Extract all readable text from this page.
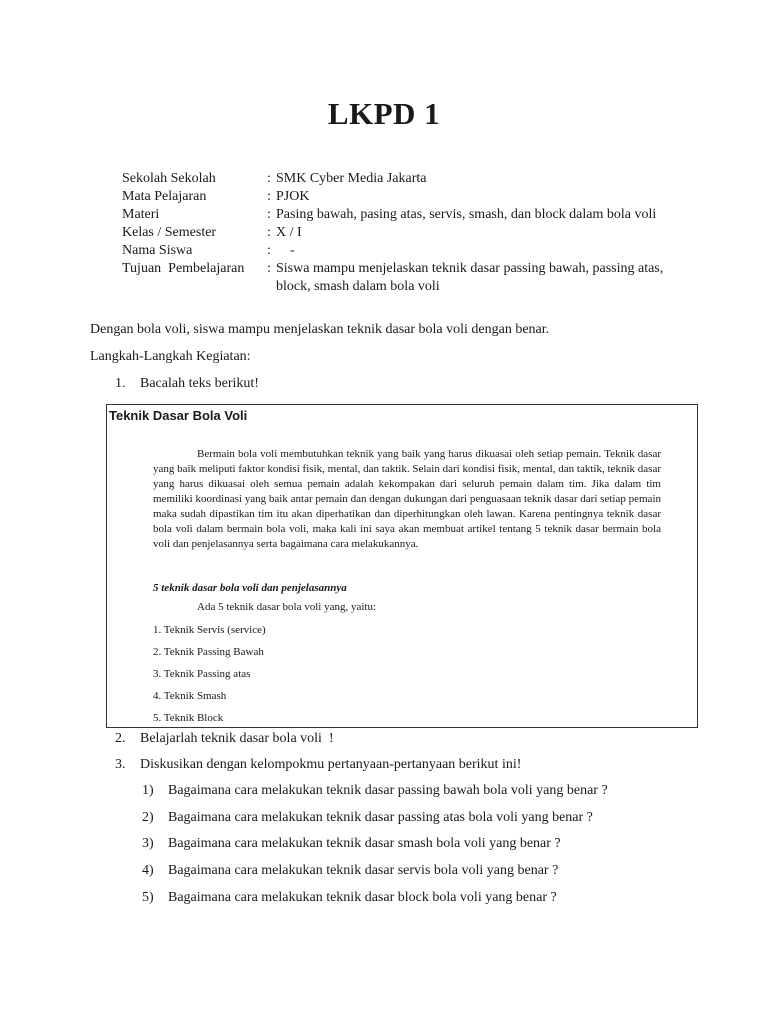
LKPD 1
Sekolah Sekolah	: SMK Cyber Media Jakarta
Mata Pelajaran	: PJOK
Materi	: Pasing bawah, pasing atas, servis, smash, dan block dalam bola voli
Kelas / Semester	: X / I
Nama Siswa	: -
Tujuan  Pembelajaran	: Siswa mampu menjelaskan teknik dasar passing bawah, passing atas, block, smash dalam bola voli
Dengan bola voli, siswa mampu menjelaskan teknik dasar bola voli dengan benar.
Langkah-Langkah Kegiatan:
1. Bacalah teks berikut!
Teknik Dasar Bola Voli

Bermain bola voli membutuhkan teknik yang baik yang harus dikuasai oleh setiap pemain. Teknik dasar yang baik meliputi faktor kondisi fisik, mental, dan taktik. Selain dari kondisi fisik, mental, dan taktik, teknik dasar yang harus dikuasai oleh semua pemain adalah kekompakan dari seluruh pemain dalam tim. Jika dalam tim memiliki koordinasi yang baik antar pemain dan dengan dukungan dari penguasaan teknik dasar dari setiap pemain maka sudah dipastikan tim itu akan diperhatikan dan diperhitungkan oleh lawan. Karena pentingnya teknik dasar bola voli dalam bermain bola voli, maka kali ini saya akan membuat artikel tentang 5 teknik dasar bermain bola voli dan penjelasannya serta bagaimana cara melakukannya.

5 teknik dasar bola voli dan penjelasannya
Ada 5 teknik dasar bola voli yang, yaitu:
1. Teknik Servis (service)
2. Teknik Passing Bawah
3. Teknik Passing atas
4. Teknik Smash
5. Teknik Block
2. Belajarlah teknik dasar bola voli  !
3. Diskusikan dengan kelompokmu pertanyaan-pertanyaan berikut ini!
1) Bagaimana cara melakukan teknik dasar passing bawah bola voli yang benar ?
2) Bagaimana cara melakukan teknik dasar passing atas bola voli yang benar ?
3) Bagaimana cara melakukan teknik dasar smash bola voli yang benar ?
4) Bagaimana cara melakukan teknik dasar servis bola voli yang benar ?
5) Bagaimana cara melakukan teknik dasar block bola voli yang benar ?
